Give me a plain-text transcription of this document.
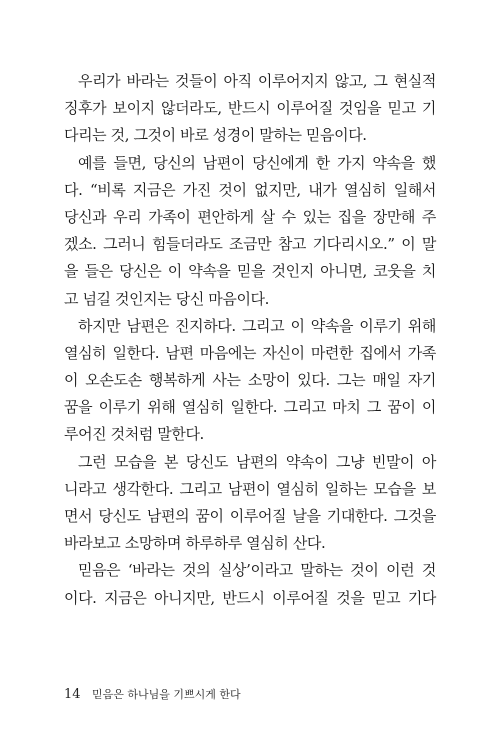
우리가 바라는 것들이 아직 이루어지지 않고, 그 현실적
징후가 보이지 않더라도, 반드시 이루어질 것임을 믿고 기
다리는 것, 그것이 바로 성경이 말하는 믿음이다.
예를 들면, 당신의 남편이 당신에게 한 가지 약속을 했
다. “비록 지금은 가진 것이 없지만, 내가 열심히 일해서
당신과 우리 가족이 편안하게 살 수 있는 집을 장만해 주
겠소. 그러니 힘들더라도 조금만 참고 기다리시오.” 이 말
을 들은 당신은 이 약속을 믿을 것인지 아니면, 코웃을 치
고 넘길 것인지는 당신 마음이다.
하지만 남편은 진지하다. 그리고 이 약속을 이루기 위해
열심히 일한다. 남편 마음에는 자신이 마련한 집에서 가족
이 오손도손 행복하게 사는 소망이 있다. 그는 매일 자기
꿈을 이루기 위해 열심히 일한다. 그리고 마치 그 꿈이 이
루어진 것처럼 말한다.
그런 모습을 본 당신도 남편의 약속이 그냥 빈말이 아
니라고 생각한다. 그리고 남편이 열심히 일하는 모습을 보
면서 당신도 남편의 꿈이 이루어질 날을 기대한다. 그것을
바라보고 소망하며 하루하루 열심히 산다.
믿음은 ‘바라는 것의 실상’이라고 말하는 것이 이런 것
이다. 지금은 아니지만, 반드시 이루어질 것을 믿고 기다
14 믿음은 하나님을 기쁘시게 한다
